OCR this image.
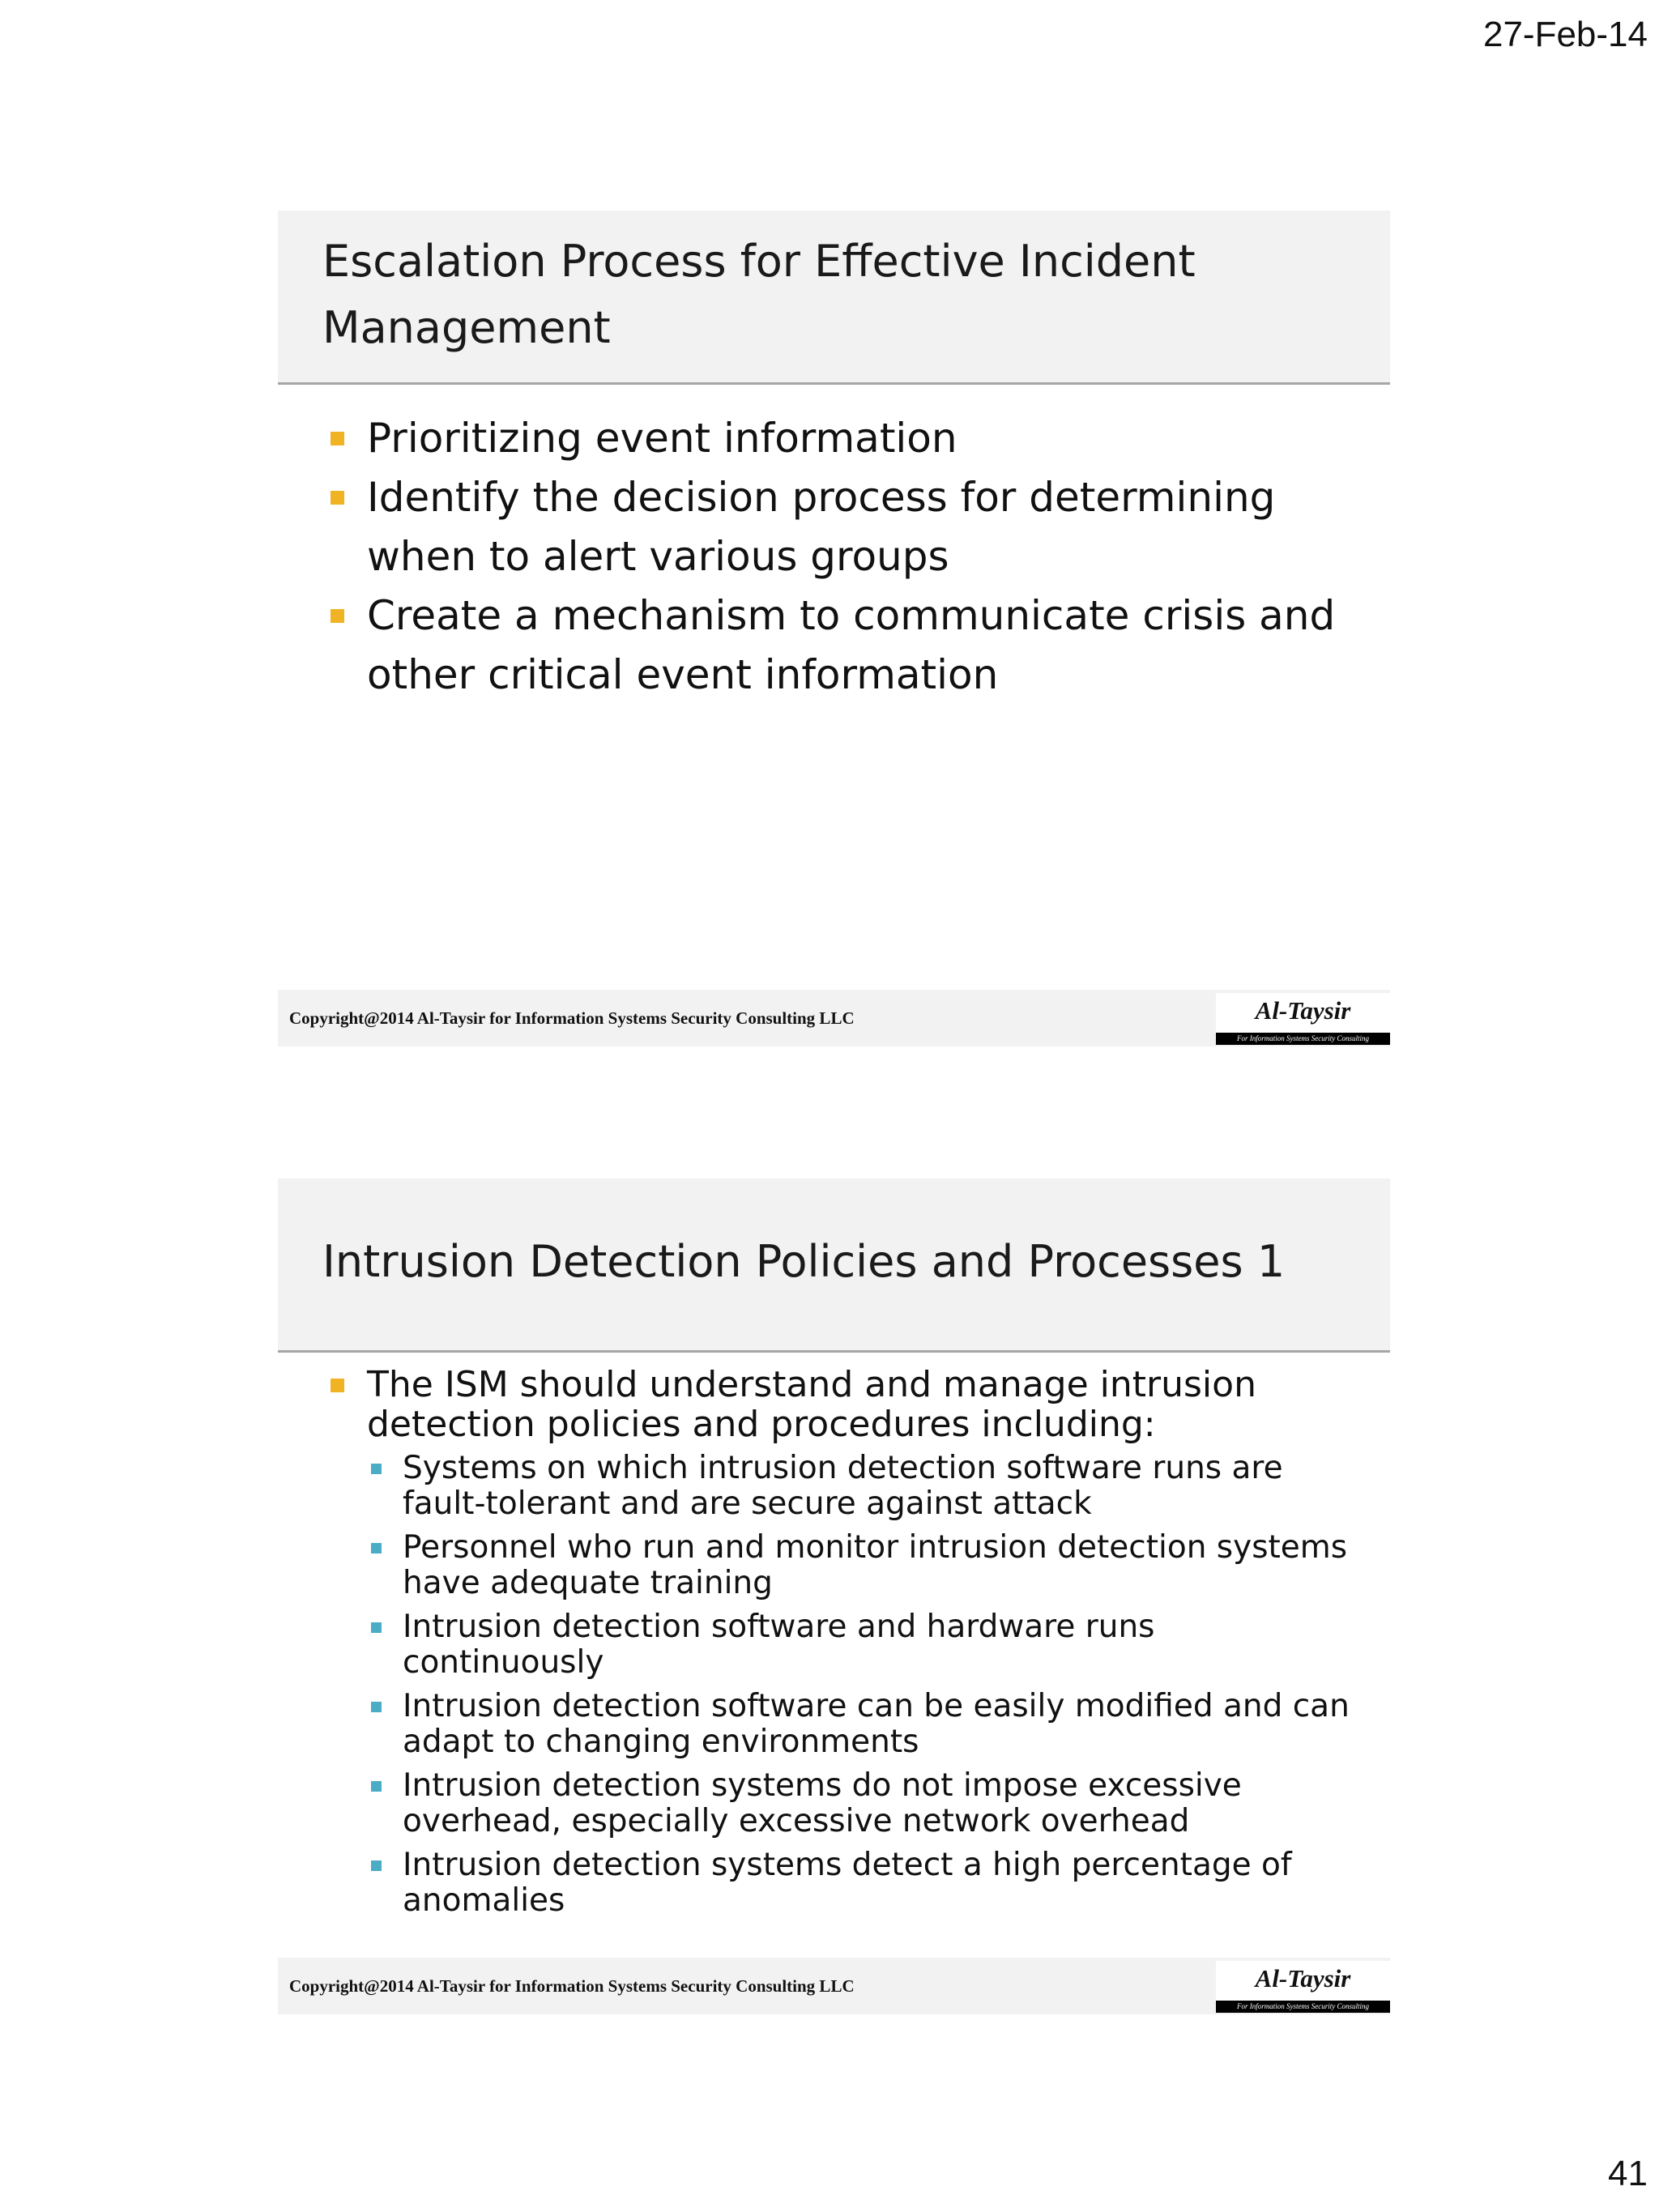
27-Feb-14
Escalation Process for Effective Incident Management
Prioritizing event information
Identify the decision process for determining when to alert various groups
Create a mechanism to communicate crisis and other critical event information
Copyright@2014 Al-Taysir for Information Systems Security Consulting LLC	Al-Taysir
For Information Systems Security Consulting
Intrusion Detection Policies and Processes 1
The ISM should understand and manage intrusion detection policies and procedures including:
Systems on which intrusion detection software runs are fault-tolerant and are secure against attack
Personnel who run and monitor intrusion detection systems have adequate training
Intrusion detection software and hardware runs continuously
Intrusion detection software can be easily modified and can adapt to changing environments
Intrusion detection systems do not impose excessive overhead, especially excessive network overhead
Intrusion detection systems detect a high percentage of anomalies
Copyright@2014 Al-Taysir for Information Systems Security Consulting LLC	Al-Taysir
For Information Systems Security Consulting
41
